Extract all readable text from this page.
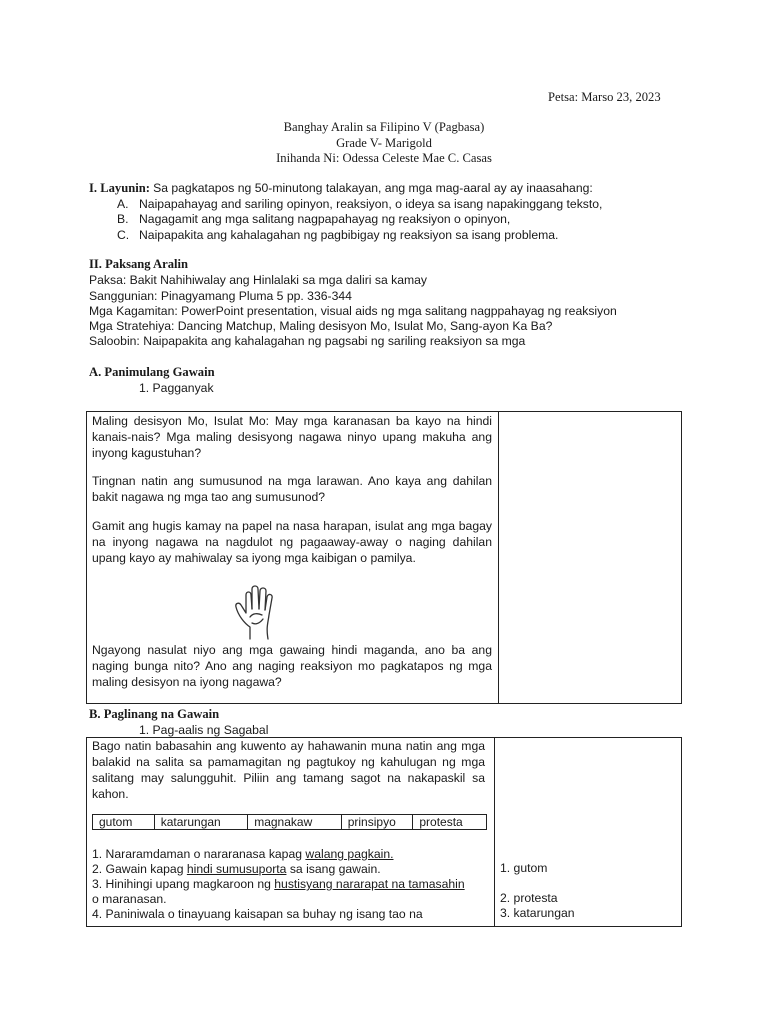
Petsa: Marso 23, 2023
Banghay Aralin sa Filipino V (Pagbasa)
Grade V- Marigold
Inihanda Ni: Odessa Celeste Mae C. Casas
I. Layunin: Sa pagkatapos ng 50-minutong talakayan, ang mga mag-aaral ay ay inaasahang:
A. Naipapahayag and sariling opinyon, reaksiyon, o ideya sa isang napakinggang teksto,
B. Nagagamit ang mga salitang nagpapahayag ng reaksiyon o opinyon,
C. Naipapakita ang kahalagahan ng pagbibigay ng reaksiyon sa isang problema.
II. Paksang Aralin
Paksa: Bakit Nahihiwalay ang Hinlalaki sa mga daliri sa kamay
Sanggunian: Pinagyamang Pluma 5 pp. 336-344
Mga Kagamitan: PowerPoint presentation, visual aids ng mga salitang nagppahayag ng reaksiyon
Mga Stratehiya: Dancing Matchup, Maling desisyon Mo, Isulat Mo, Sang-ayon Ka Ba?
Saloobin: Naipapakita ang kahalagahan ng pagsabi ng sariling reaksiyon sa mga
A. Panimulang Gawain
1. Pagganyak
Maling desisyon Mo, Isulat Mo: May mga karanasan ba kayo na hindi kanais-nais? Mga maling desisyong nagawa ninyo upang makuha ang inyong kagustuhan?
Tingnan natin ang sumusunod na mga larawan. Ano kaya ang dahilan bakit nagawa ng mga tao ang sumusunod?
Gamit ang hugis kamay na papel na nasa harapan, isulat ang mga bagay na inyong nagawa na nagdulot ng pagaaway-away o naging dahilan upang kayo ay mahiwalay sa iyong mga kaibigan o pamilya.
Ngayong nasulat niyo ang mga gawaing hindi maganda, ano ba ang naging bunga nito? Ano ang naging reaksiyon mo pagkatapos ng mga maling desisyon na iyong nagawa?
B. Paglinang na Gawain
1. Pag-aalis ng Sagabal
Bago natin babasahin ang kuwento ay hahawanin muna natin ang mga balakid na salita sa pamamagitan ng pagtukoy ng kahulugan ng mga salitang may salungguhit. Piliin ang tamang sagot na nakapaskil sa kahon.
gutom	katarungan	magnakaw	prinsipyo	protesta
1. Nararamdaman o nararanasa kapag walang pagkain.
2. Gawain kapag hindi sumusuporta sa isang gawain.
3. Hinihingi upang magkaroon ng hustisyang nararapat na tamasahin
o maranasan.
4. Paniniwala o tinayuang kaisapan sa buhay ng isang tao na
1. gutom
2. protesta
3. katarungan
